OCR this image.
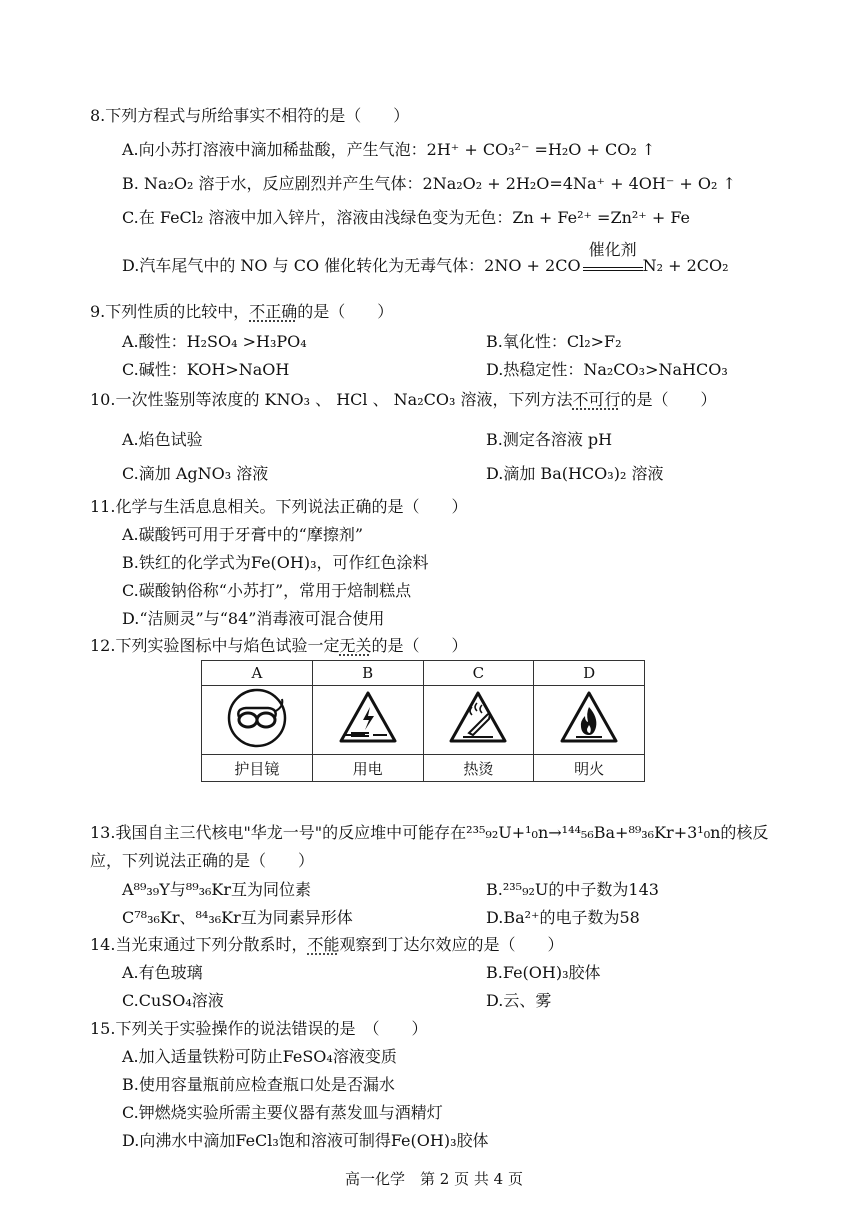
8.下列方程式与所给事实不相符的是（　　）
A.向小苏打溶液中滴加稀盐酸，产生气泡：2H⁺ + CO₃²⁻ =H₂O + CO₂ ↑
B. Na₂O₂ 溶于水，反应剧烈并产生气体：2Na₂O₂ + 2H₂O=4Na⁺ + 4OH⁻ + O₂ ↑
C.在 FeCl₂ 溶液中加入锌片，溶液由浅绿色变为无色：Zn + Fe²⁺ =Zn²⁺ + Fe
D.汽车尾气中的 NO 与 CO 催化转化为无毒气体：2NO + 2CO
催化剂
N₂ + 2CO₂
9.下列性质的比较中，不正确的是（　　）
A.酸性：H₂SO₄ >H₃PO₄	B.氧化性：Cl₂>F₂
C.碱性：KOH>NaOH	D.热稳定性：Na₂CO₃>NaHCO₃
10.一次性鉴别等浓度的 KNO₃ 、 HCl 、 Na₂CO₃ 溶液，下列方法不可行的是（　　）
A.焰色试验	B.测定各溶液 pH
C.滴加 AgNO₃ 溶液	D.滴加 Ba(HCO₃)₂ 溶液
11.化学与生活息息相关。下列说法正确的是（　　）
A.碳酸钙可用于牙膏中的“摩擦剂”
B.铁红的化学式为Fe(OH)₃，可作红色涂料
C.碳酸钠俗称“小苏打”，常用于焙制糕点
D.“洁厕灵”与“84”消毒液可混合使用
12.下列实验图标中与焰色试验一定无关的是（　　）
A	B	C	D

护目镜	用电	热烫	明火
13.我国自主三代核电"华龙一号"的反应堆中可能存在²³⁵₉₂U+¹₀n→¹⁴⁴₅₆Ba+⁸⁹₃₆Kr+3¹₀n的核反
应，下列说法正确的是（　　）
A⁸⁹₃₉Y与⁸⁹₃₆Kr互为同位素	B.²³⁵₉₂U的中子数为143
C⁷⁸₃₆Kr、⁸⁴₃₆Kr互为同素异形体	D.Ba²⁺的电子数为58
14.当光束通过下列分散系时，不能观察到丁达尔效应的是（　　）
A.有色玻璃	B.Fe(OH)₃胶体
C.CuSO₄溶液	D.云、雾
15.下列关于实验操作的说法错误的是　（　　）
A.加入适量铁粉可防止FeSO₄溶液变质
B.使用容量瓶前应检查瓶口处是否漏水
C.钾燃烧实验所需主要仪器有蒸发皿与酒精灯
D.向沸水中滴加FeCl₃饱和溶液可制得Fe(OH)₃胶体
高一化学　第 2 页 共 4 页
